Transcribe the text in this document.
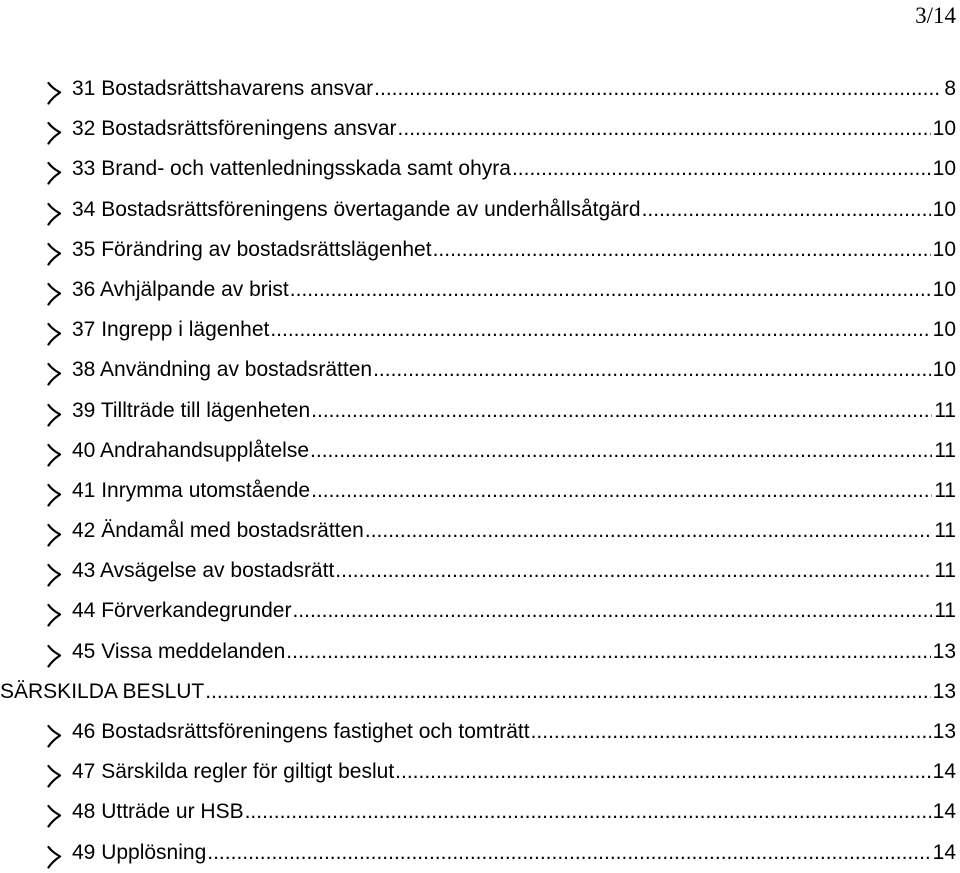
3/14
31 Bostadsrättshavarens ansvar .....	8
32 Bostadsrättsföreningens ansvar .....	10
33 Brand- och vattenledningsskada samt ohyra .....	10
34 Bostadsrättsföreningens övertagande av underhållsåtgärd .....	10
35 Förändring av bostadsrättslägenhet .....	10
36 Avhjälpande av brist .....	10
37 Ingrepp i lägenhet .....	10
38 Användning av bostadsrätten .....	10
39 Tillträde till lägenheten .....	11
40 Andrahandsupplåtelse .....	11
41 Inrymma utomstående .....	11
42 Ändamål med bostadsrätten .....	11
43 Avsägelse av bostadsrätt .....	11
44 Förverkandegrunder .....	11
45 Vissa meddelanden .....	13
SÄRSKILDA BESLUT .....	13
46 Bostadsrättsföreningens fastighet och tomträtt .....	13
47 Särskilda regler för giltigt beslut .....	14
48 Utträde ur HSB .....	14
49 Upplösning .....	14
